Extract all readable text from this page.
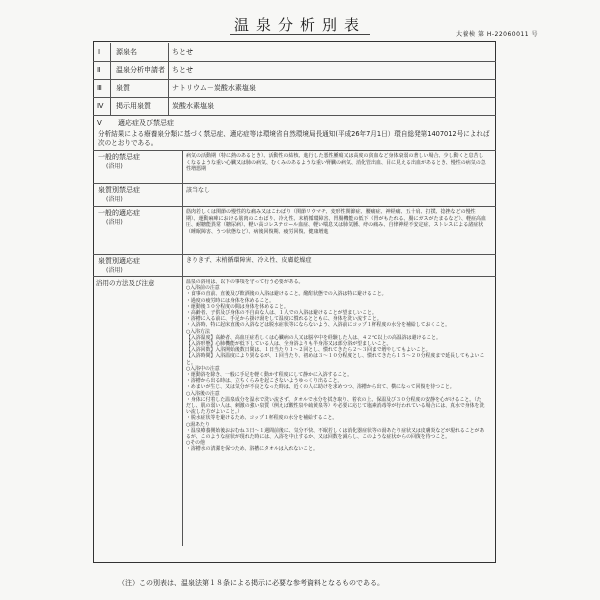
温泉分析別表
大養検 第 H-22060011 号
Ⅰ 源泉名	ちとせ
Ⅱ 温泉分析申請者 ちとせ
Ⅲ 泉質	ナトリウム－炭酸水素塩泉
Ⅳ 掲示用泉質	炭酸水素塩泉
Ⅴ 適応症及び禁忌症
分析結果による療養泉分類に基づく禁忌症、適応症等は環境省自然環境局長通知(平成26年7月1日）環自総発第1407012号によれば次のとおりである。
一般的禁忌症
(浴用)
病気の活動期（特に熱のあるとき）、活動性の結核、進行した悪性腫瘍又は高度の貧血など身体衰弱の著しい場合、少し動くと息苦しくなるような重い心臓又は肺の病気、むくみのあるような重い腎臓の病気、消化管出血、目に見える出血があるとき、慢性の病気の急性増悪期
泉質別禁忌症
(浴用)
該当なし
一般的適応症
(浴用)
筋肉若しくは関節の慢性的な痛み又はこわばり（関節リウマチ、変形性関節症、腰痛症、神経痛、五十肩、打撲、捻挫などの慢性期）、運動麻痺における筋肉のこわばり、冷え性、末梢循環障害、胃腸機能の低下（胃がもたれる、腸にガスがたまるなど）、軽症高血圧、耐糖能異常（糖尿病）、軽い高コレステロール血症、軽い喘息又は肺気腫、痔の痛み、自律神経不安定症、ストレスによる諸症状（睡眠障害、うつ状態など）、病後回復期、疲労回復、健康増進
泉質別適応症
(浴用)
きりきず、末梢循環障害、冷え性、皮膚乾燥症
浴用の方法及び注意	温泉の浴用は、以下の事項を守って行う必要がある。
○入浴前の注意
・食事の直前、直後及び飲酒後の入浴は避けること。酩酊状態での入浴は特に避けること。
・過度の疲労時には身体を休めること。
・運動後３０分程度の間は身体を休めること。
・高齢者、子供及び身体の不自由な人は、１人での入浴は避けることが望ましいこと。
・浴槽に入る前に、手足から掛け湯をして温度に慣れるとともに、身体を洗い流すこと。
・入浴時、特に起床直後の入浴などは脱水症状等にならないよう、入浴前にコップ１杯程度の水分を補給しておくこと。
○入浴方法
【入浴温度】高齢者、高血圧症若しくは心臓病の人又は脳卒中を経験した人は、４２℃以上の高温浴は避けること。
【入浴形態】心肺機能が低下している人は、全身浴よりも半身浴又は部分浴が望ましいこと。
【入浴回数】入浴開始後数日間は、１日当たり１～２回とし、慣れてきたら２～３回まで増やしてもよいこと。
【入浴時間】入浴温度により異なるが、１回当たり、初めは３～１０分程度とし、慣れてきたら１５～２０分程度まで延長してもよいこと。
○入浴中の注意
・運動浴を除き、一般に手足を軽く動かす程度にして静かに入浴すること。
・浴槽から出る時は、立ちくらみを起こさないようゆっくり出ること。
・めまいが生じ、又は気分が不良となった時は、近くの人に助けを求めつつ、浴槽から出て、横になって回復を待つこと。
○入浴後の注意
・身体に付着した温泉成分を温水で洗い流さず、タオルで水分を拭き取り、着衣の上、保温及び３０分程度の安静を心がけること。（ただし、肌の弱い人は、刺激の強い泉質（例えば酸性泉や硫黄泉等）や必要に応じて塩素消毒等が行われている場合には、真水で身体を洗い流した方がよいこと。）
・脱水症状等を避けるため、コップ１杯程度の水分を補給すること。
○湯あたり
・温泉療養開始後おおむね３日～１週間前後に、気分不快、不眠若しくは消化器症状等の湯あたり症状又は皮膚炎などが現れることがあるが、このような症状が現れた時には、入浴を中止するか、又は回数を減らし、このような症状からの回復を待つこと。
○その他
・浴槽水の清潔を保つため、浴槽にタオルは入れないこと。
（注）この別表は、温泉法第１８条による掲示に必要な参考資料となるものである。
